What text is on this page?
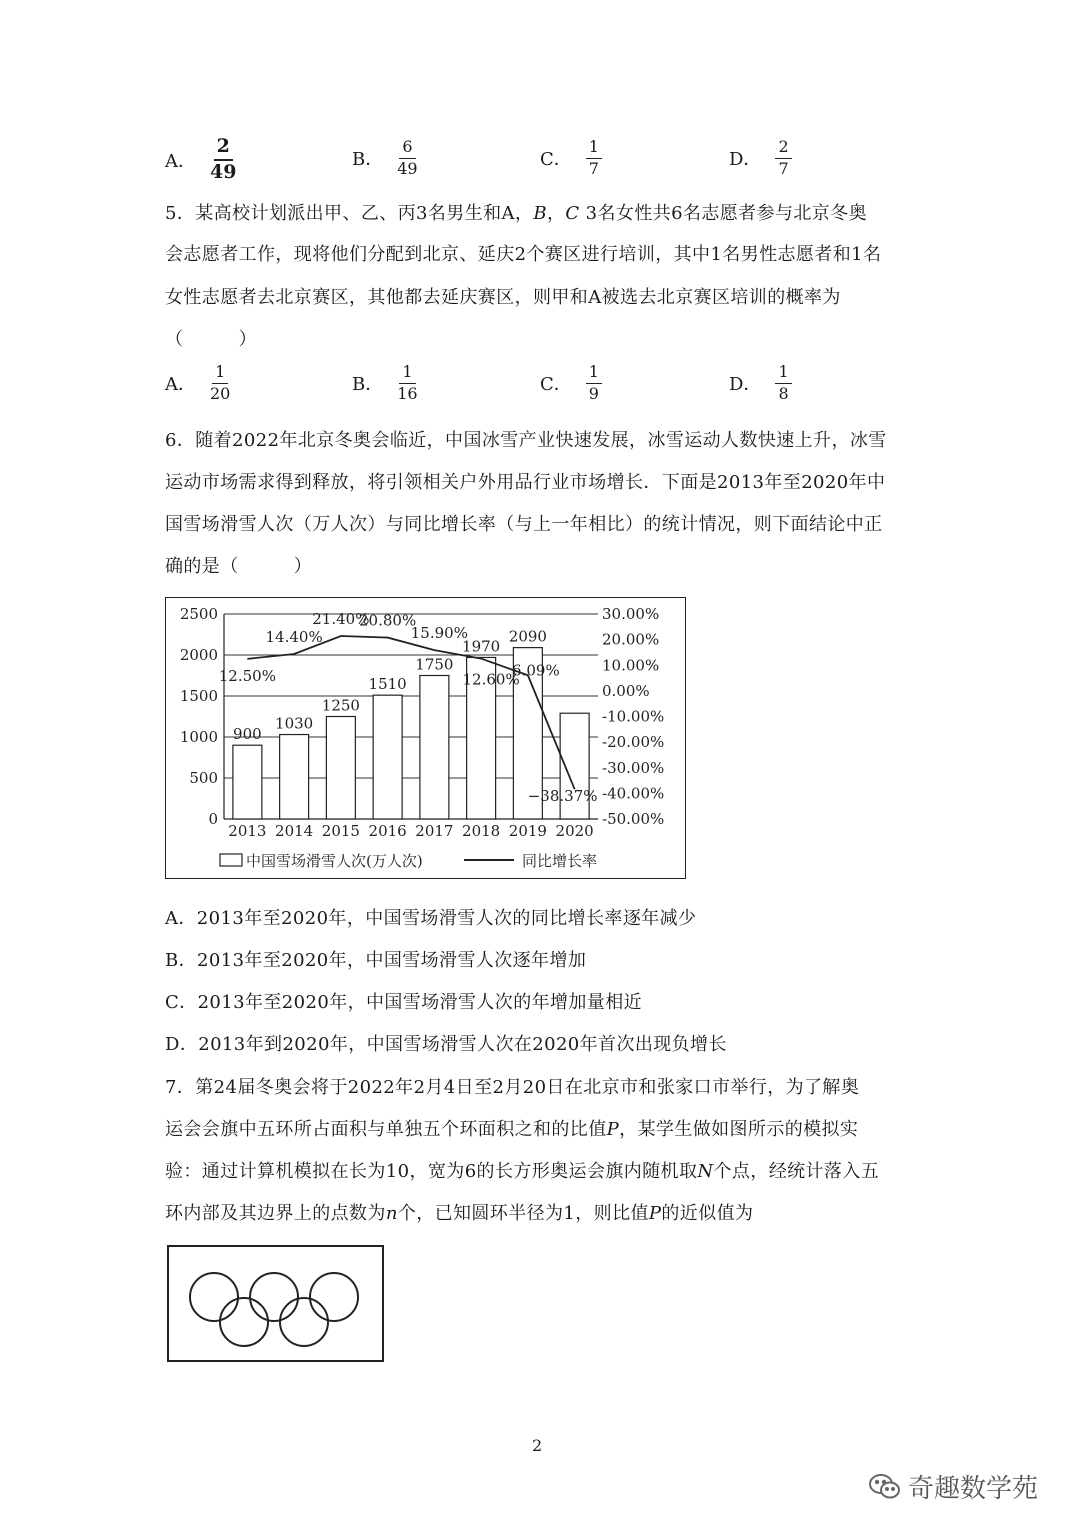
A． $\frac{2}{49}$	B． $\frac{6}{49}$	C． $\frac{1}{7}$	D． $\frac{2}{7}$
5．某高校计划派出甲、乙、丙3名男生和A，B，C 3名女性共6名志愿者参与北京冬奥
会志愿者工作，现将他们分配到北京、延庆2个赛区进行培训，其中1名男性志愿者和1名
女性志愿者去北京赛区，其他都去延庆赛区，则甲和A被选去北京赛区培训的概率为
（　　　）
A． $\frac{1}{20}$	B． $\frac{1}{16}$	C． $\frac{1}{9}$	D． $\frac{1}{8}$
6．随着2022年北京冬奥会临近，中国冰雪产业快速发展，冰雪运动人数快速上升，冰雪
运动市场需求得到释放，将引领相关户外用品行业市场增长．下面是2013年至2020年中
国雪场滑雪人次（万人次）与同比增长率（与上一年相比）的统计情况，则下面结论中正
确的是（　　　）
0
500
1000
1500
2000
2500
-50.00%
-40.00%
-30.00%
-20.00%
-10.00%
0.00%
10.00%
20.00%
30.00%
900
1030
1250
1510
1750
1970
2090
2013 2014 2015 2016 2017 2018 2019 2020
12.50%
14.40%
21.40%
20.80%
15.90%
12.60%
6.09%
−38.37%
中国雪场滑雪人次(万人次)	同比增长率
A．2013年至2020年，中国雪场滑雪人次的同比增长率逐年减少
B．2013年至2020年，中国雪场滑雪人次逐年增加
C．2013年至2020年，中国雪场滑雪人次的年增加量相近
D．2013年到2020年，中国雪场滑雪人次在2020年首次出现负增长
7．第24届冬奥会将于2022年2月4日至2月20日在北京市和张家口市举行，为了解奥
运会会旗中五环所占面积与单独五个环面积之和的比值P，某学生做如图所示的模拟实
验：通过计算机模拟在长为10，宽为6的长方形奥运会旗内随机取N个点，经统计落入五
环内部及其边界上的点数为n个，已知圆环半径为1，则比值P的近似值为
2
奇趣数学苑
